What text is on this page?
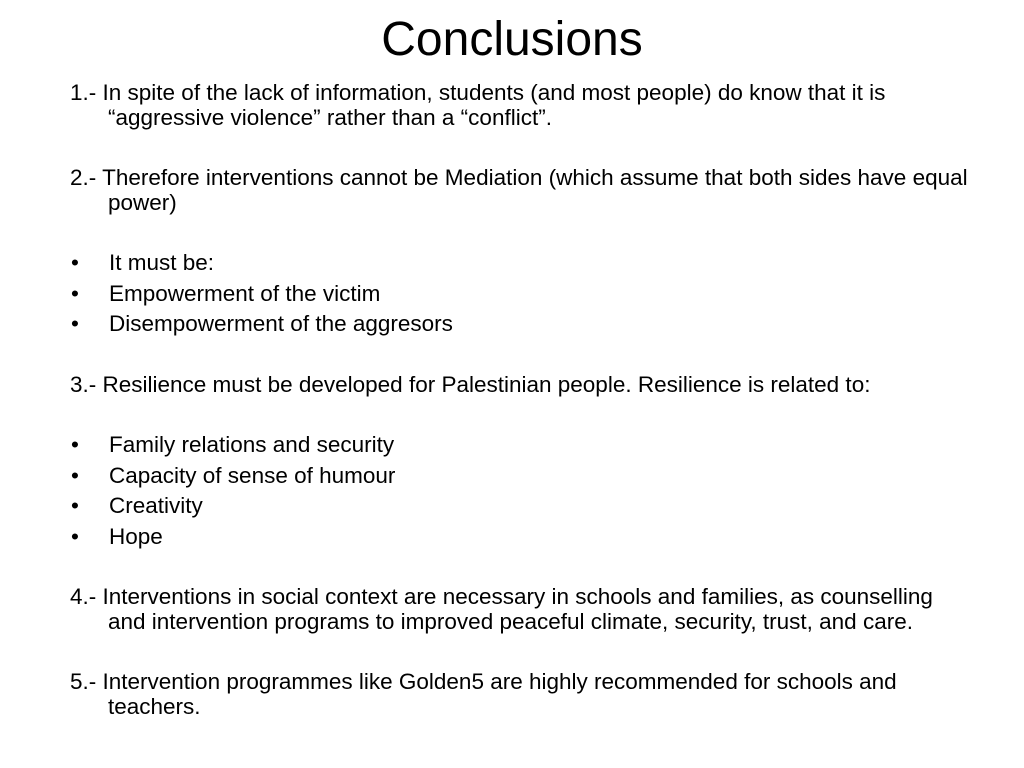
Conclusions

1.- In spite of the lack of information, students (and most people) do know that it is “aggressive violence” rather than a “conflict”.

2.- Therefore interventions cannot be Mediation (which assume that both sides have equal power)

• It must be:
• Empowerment of the victim
• Disempowerment of the aggresors

3.- Resilience must be developed for Palestinian people. Resilience is related to:

• Family relations and security
• Capacity of sense of humour
• Creativity
• Hope

4.- Interventions in social context are necessary in schools and families, as counselling and intervention programs to improved peaceful climate, security, trust, and care.

5.- Intervention programmes like Golden5 are highly recommended for schools and teachers.
